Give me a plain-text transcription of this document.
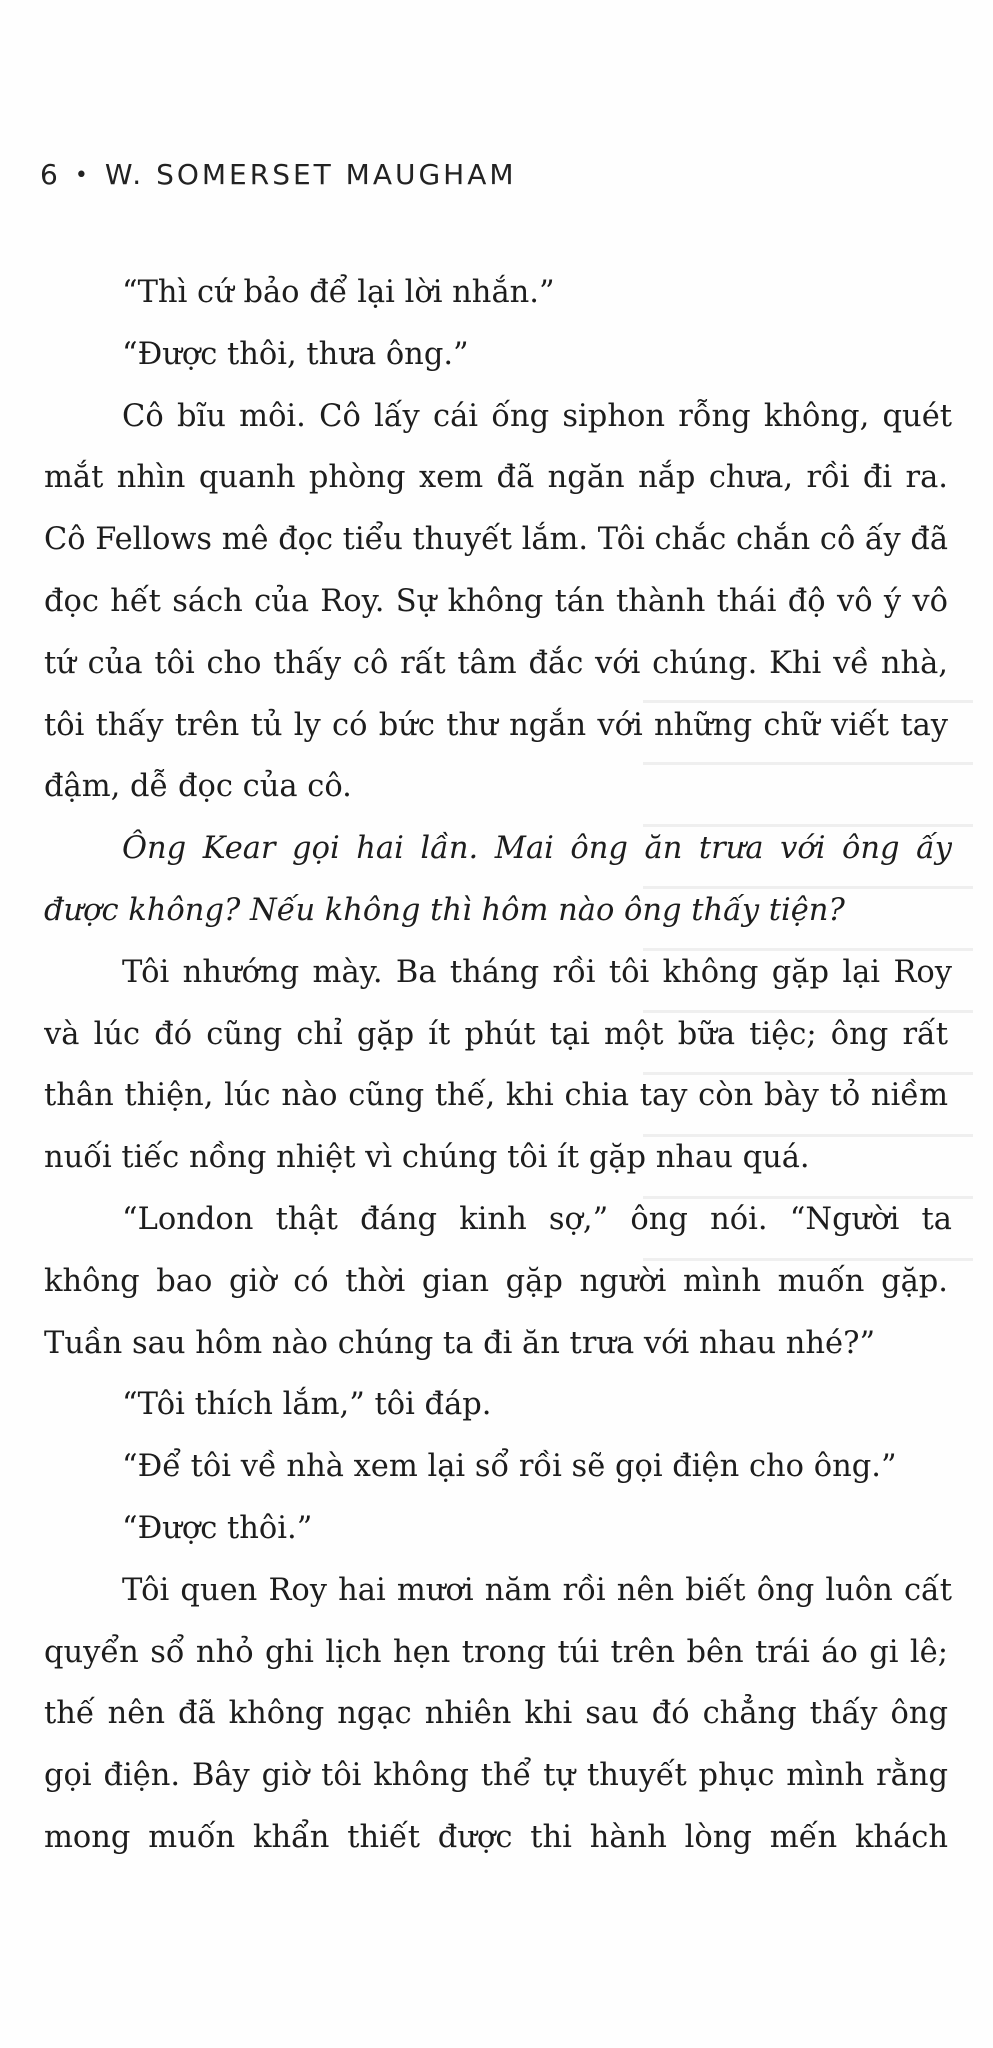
6 • W. SOMERSET MAUGHAM
“Thì cứ bảo để lại lời nhắn.”
“Được thôi, thưa ông.”
Cô bĩu môi. Cô lấy cái ống siphon rỗng không, quét
mắt nhìn quanh phòng xem đã ngăn nắp chưa, rồi đi ra.
Cô Fellows mê đọc tiểu thuyết lắm. Tôi chắc chắn cô ấy đã
đọc hết sách của Roy. Sự không tán thành thái độ vô ý vô
tứ của tôi cho thấy cô rất tâm đắc với chúng. Khi về nhà,
tôi thấy trên tủ ly có bức thư ngắn với những chữ viết tay
đậm, dễ đọc của cô.
Ông Kear gọi hai lần. Mai ông ăn trưa với ông ấy
được không? Nếu không thì hôm nào ông thấy tiện?
Tôi nhướng mày. Ba tháng rồi tôi không gặp lại Roy
và lúc đó cũng chỉ gặp ít phút tại một bữa tiệc; ông rất
thân thiện, lúc nào cũng thế, khi chia tay còn bày tỏ niềm
nuối tiếc nồng nhiệt vì chúng tôi ít gặp nhau quá.
“London thật đáng kinh sợ,” ông nói. “Người ta
không bao giờ có thời gian gặp người mình muốn gặp.
Tuần sau hôm nào chúng ta đi ăn trưa với nhau nhé?”
“Tôi thích lắm,” tôi đáp.
“Để tôi về nhà xem lại sổ rồi sẽ gọi điện cho ông.”
“Được thôi.”
Tôi quen Roy hai mươi năm rồi nên biết ông luôn cất
quyển sổ nhỏ ghi lịch hẹn trong túi trên bên trái áo gi lê;
thế nên đã không ngạc nhiên khi sau đó chẳng thấy ông
gọi điện. Bây giờ tôi không thể tự thuyết phục mình rằng
mong muốn khẩn thiết được thi hành lòng mến khách
